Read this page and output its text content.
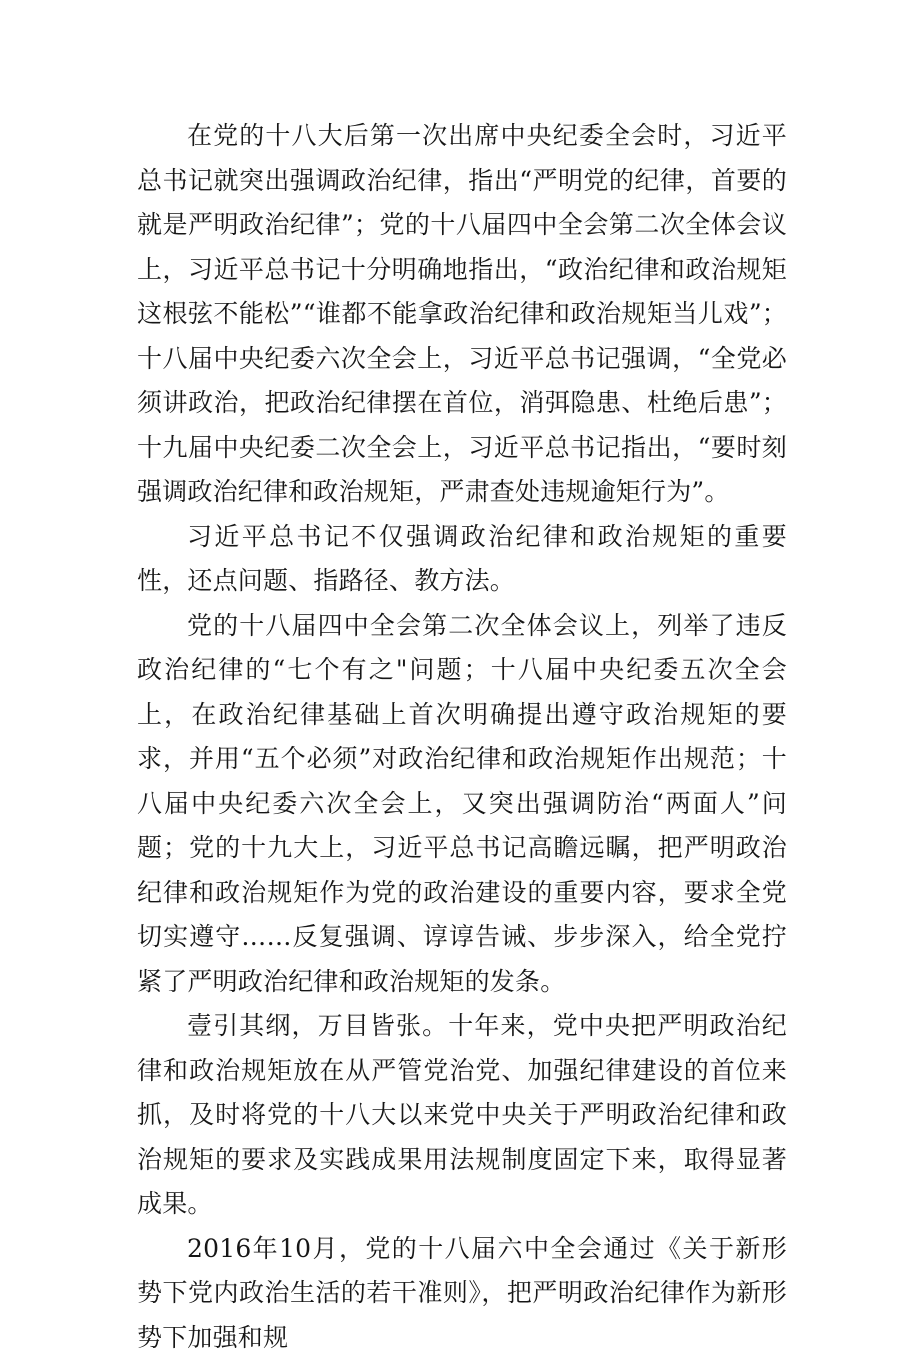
在党的十八大后第一次出席中央纪委全会时，习近平总书记就突出强调政治纪律，指出“严明党的纪律，首要的就是严明政治纪律”；党的十八届四中全会第二次全体会议上，习近平总书记十分明确地指出，“政治纪律和政治规矩这根弦不能松”“谁都不能拿政治纪律和政治规矩当儿戏”；十八届中央纪委六次全会上，习近平总书记强调，“全党必须讲政治，把政治纪律摆在首位，消弭隐患、杜绝后患”；十九届中央纪委二次全会上，习近平总书记指出，“要时刻强调政治纪律和政治规矩，严肃查处违规逾矩行为”。

习近平总书记不仅强调政治纪律和政治规矩的重要性，还点问题、指路径、教方法。

党的十八届四中全会第二次全体会议上，列举了违反政治纪律的“七个有之"问题；十八届中央纪委五次全会上，在政治纪律基础上首次明确提出遵守政治规矩的要求，并用“五个必须”对政治纪律和政治规矩作出规范；十八届中央纪委六次全会上，又突出强调防治“两面人”问题；党的十九大上，习近平总书记高瞻远瞩，把严明政治纪律和政治规矩作为党的政治建设的重要内容，要求全党切实遵守……反复强调、谆谆告诫、步步深入，给全党拧紧了严明政治纪律和政治规矩的发条。

壹引其纲，万目皆张。十年来，党中央把严明政治纪律和政治规矩放在从严管党治党、加强纪律建设的首位来抓，及时将党的十八大以来党中央关于严明政治纪律和政治规矩的要求及实践成果用法规制度固定下来，取得显著成果。

2016年10月，党的十八届六中全会通过《关于新形势下党内政治生活的若干准则》，把严明政治纪律作为新形势下加强和规
